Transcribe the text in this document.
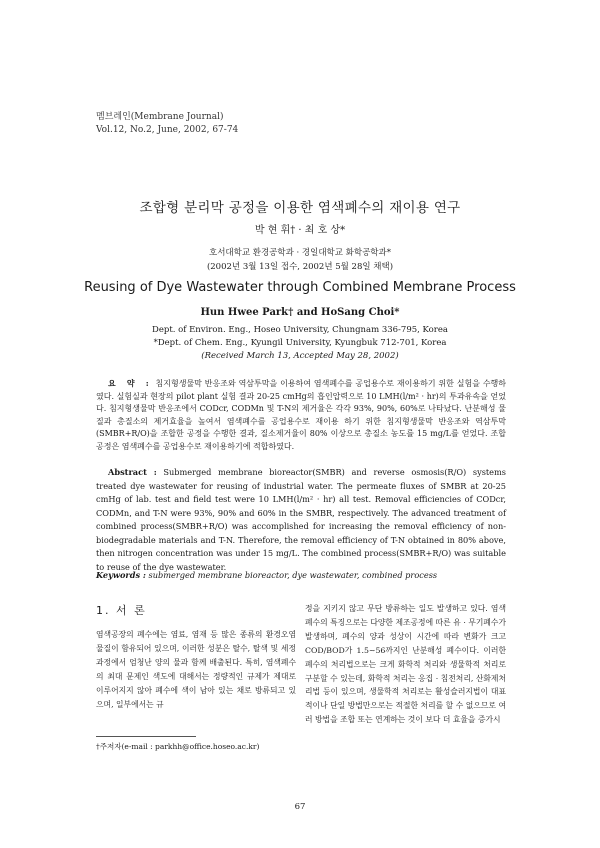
멤브레인(Membrane Journal)
Vol.12, No.2, June, 2002, 67-74
조합형 분리막 공정을 이용한 염색폐수의 재이용 연구
박 현 휘† · 최 호 상*
호서대학교 환경공학과 · 경일대학교 화학공학과*
(2002년 3월 13일 접수, 2002년 5월 28일 채택)
Reusing of Dye Wastewater through Combined Membrane Process
Hun Hwee Park† and HoSang Choi*
Dept. of Environ. Eng., Hoseo University, Chungnam 336-795, Korea
*Dept. of Chem. Eng., Kyungil University, Kyungbuk 712-701, Korea
(Received March 13, Accepted May 28, 2002)
요 약 : 침지형생물막 반응조와 역삼투막을 이용하여 염색폐수를 공업용수로 재이용하기 위한 실험을 수행하였다. 실험실과 현장의 pilot plant 실험 결과 20-25 cmHg의 흡인압력으로 10 LMH(l/m² · hr)의 투과유속을 얻었다. 침지형생물막 반응조에서 CODcr, CODMn 및 T-N의 제거율은 각각 93%, 90%, 60%로 나타났다. 난분해성 물질과 총질소의 제거효율을 높여서 염색폐수를 공업용수로 재이용 하기 위한 침지형생물막 반응조와 역삼투막(SMBR+R/O)을 조합한 공정을 수행한 결과, 질소제거율이 80% 이상으로 총질소 농도를 15 mg/L를 얻었다. 조합공정은 염색폐수를 공업용수로 재이용하기에 적합하였다.
Abstract : Submerged membrane bioreactor(SMBR) and reverse osmosis(R/O) systems treated dye wastewater for reusing of industrial water. The permeate fluxes of SMBR at 20-25 cmHg of lab. test and field test were 10 LMH(l/m² · hr) all test. Removal efficiencies of CODcr, CODMn, and T-N were 93%, 90% and 60% in the SMBR, respectively. The advanced treatment of combined process(SMBR+R/O) was accomplished for increasing the removal efficiency of non-biodegradable materials and T-N. Therefore, the removal efficiency of T-N obtained in 80% above, then nitrogen concentration was under 15 mg/L. The combined process(SMBR+R/O) was suitable to reuse of the dye wastewater.
Keywords : submerged membrane bioreactor, dye wastewater, combined process
1. 서 론
염색공장의 폐수에는 염료, 염재 등 많은 종류의 환경오염물질이 함유되어 있으며, 이러한 성분은 탈수, 탈색 및 세정과정에서 엄청난 양의 물과 함께 배출된다. 특히, 염색폐수의 최대 문제인 색도에 대해서는 정량적인 규제가 제대로 이루어지지 않아 폐수에 색이 남아 있는 채로 방류되고 있으며, 일부에서는 규
정을 지키지 않고 무단 방류하는 일도 발생하고 있다. 염색폐수의 특징으로는 다양한 제조공정에 따른 유 · 무기폐수가 발생하며, 폐수의 양과 성상이 시간에 따라 변화가 크고 COD/BOD가 1.5∼56까지인 난분해성 폐수이다. 이러한 폐수의 처리법으로는 크게 화학적 처리와 생물학적 처리로 구분할 수 있는데, 화학적 처리는 응집 · 침전처리, 산화제처리법 등이 있으며, 생물학적 처리로는 활성슬러지법이 대표적이나 단일 방법만으로는 적절한 처리를 할 수 없으므로 여러 방법을 조합 또는 연계하는 것이 보다 더 효율을 증가시
†주저자(e-mail : parkhh@office.hoseo.ac.kr)
67
